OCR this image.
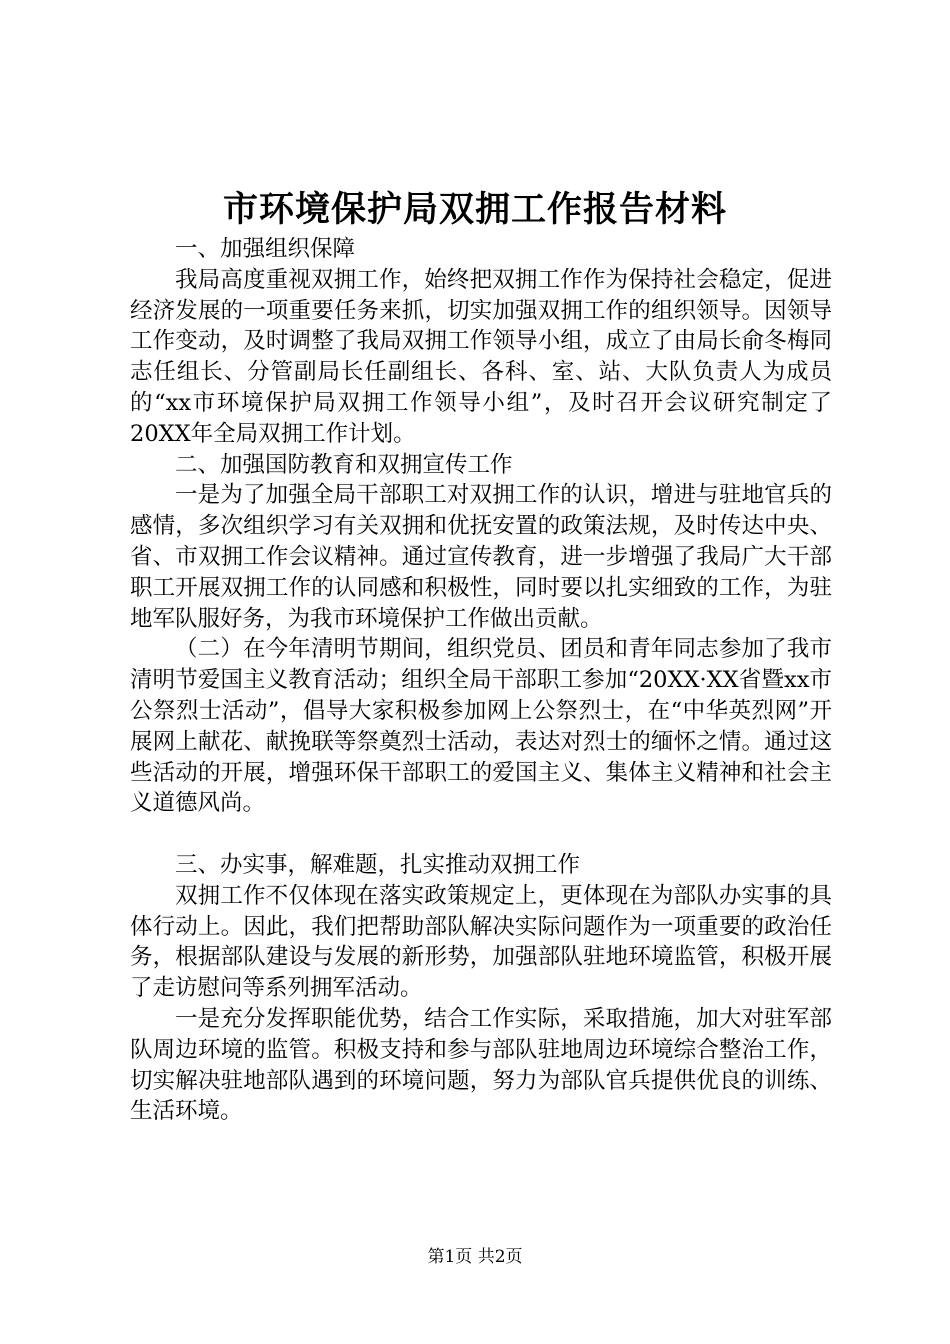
市环境保护局双拥工作报告材料

一、加强组织保障

我局高度重视双拥工作，始终把双拥工作作为保持社会稳定，促进经济发展的一项重要任务来抓，切实加强双拥工作的组织领导。因领导工作变动，及时调整了我局双拥工作领导小组，成立了由局长俞冬梅同志任组长、分管副局长任副组长、各科、室、站、大队负责人为成员的“xx市环境保护局双拥工作领导小组”，及时召开会议研究制定了20XX年全局双拥工作计划。

二、加强国防教育和双拥宣传工作

一是为了加强全局干部职工对双拥工作的认识，增进与驻地官兵的感情，多次组织学习有关双拥和优抚安置的政策法规，及时传达中央、省、市双拥工作会议精神。通过宣传教育，进一步增强了我局广大干部职工开展双拥工作的认同感和积极性，同时要以扎实细致的工作，为驻地军队服好务，为我市环境保护工作做出贡献。

（二）在今年清明节期间，组织党员、团员和青年同志参加了我市清明节爱国主义教育活动；组织全局干部职工参加“20XX·XX省暨xx市公祭烈士活动”，倡导大家积极参加网上公祭烈士，在“中华英烈网”开展网上献花、献挽联等祭奠烈士活动，表达对烈士的缅怀之情。通过这些活动的开展，增强环保干部职工的爱国主义、集体主义精神和社会主义道德风尚。

三、办实事，解难题，扎实推动双拥工作

双拥工作不仅体现在落实政策规定上，更体现在为部队办实事的具体行动上。因此，我们把帮助部队解决实际问题作为一项重要的政治任务，根据部队建设与发展的新形势，加强部队驻地环境监管，积极开展了走访慰问等系列拥军活动。

一是充分发挥职能优势，结合工作实际，采取措施，加大对驻军部队周边环境的监管。积极支持和参与部队驻地周边环境综合整治工作，切实解决驻地部队遇到的环境问题，努力为部队官兵提供优良的训练、生活环境。

第1页 共2页
